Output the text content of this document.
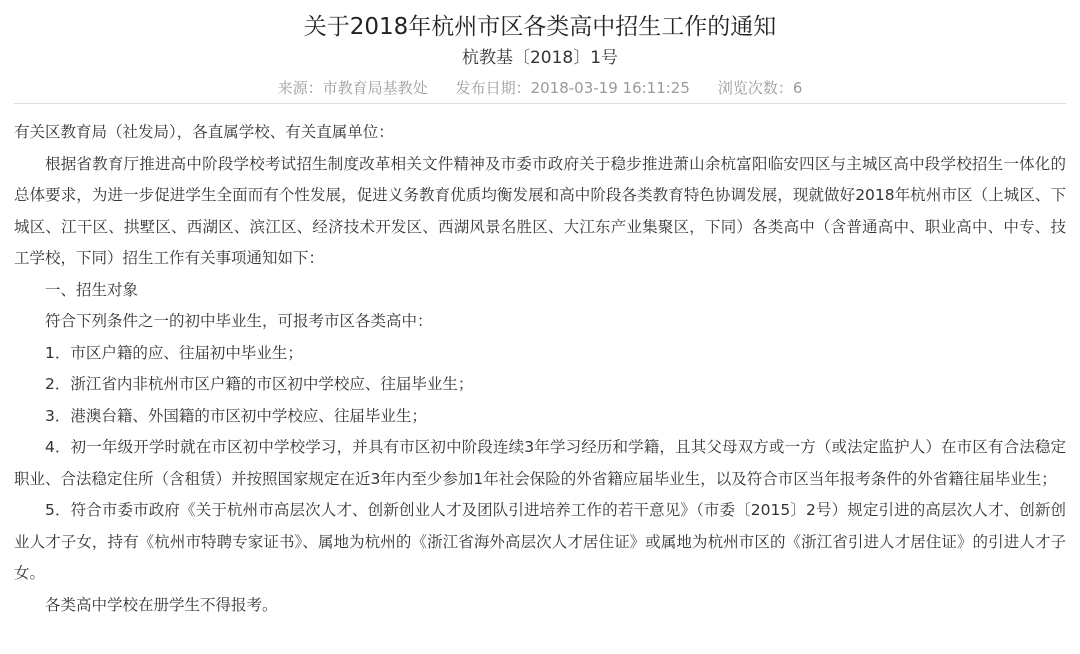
关于2018年杭州市区各类高中招生工作的通知
杭教基〔2018〕1号
来源：市教育局基教处 发布日期：2018-03-19 16:11:25 浏览次数：6

有关区教育局（社发局），各直属学校、有关直属单位：

根据省教育厅推进高中阶段学校考试招生制度改革相关文件精神及市委市政府关于稳步推进萧山余杭富阳临安四区与主城区高中段学校招生一体化的总体要求，为进一步促进学生全面而有个性发展，促进义务教育优质均衡发展和高中阶段各类教育特色协调发展，现就做好2018年杭州市区（上城区、下城区、江干区、拱墅区、西湖区、滨江区、经济技术开发区、西湖风景名胜区、大江东产业集聚区，下同）各类高中（含普通高中、职业高中、中专、技工学校，下同）招生工作有关事项通知如下：

一、招生对象

符合下列条件之一的初中毕业生，可报考市区各类高中：

1．市区户籍的应、往届初中毕业生；

2．浙江省内非杭州市区户籍的市区初中学校应、往届毕业生；

3．港澳台籍、外国籍的市区初中学校应、往届毕业生；

4．初一年级开学时就在市区初中学校学习，并具有市区初中阶段连续3年学习经历和学籍，且其父母双方或一方（或法定监护人）在市区有合法稳定职业、合法稳定住所（含租赁）并按照国家规定在近3年内至少参加1年社会保险的外省籍应届毕业生，以及符合市区当年报考条件的外省籍往届毕业生；

5．符合市委市政府《关于杭州市高层次人才、创新创业人才及团队引进培养工作的若干意见》（市委〔2015〕2号）规定引进的高层次人才、创新创业人才子女，持有《杭州市特聘专家证书》、属地为杭州的《浙江省海外高层次人才居住证》或属地为杭州市区的《浙江省引进人才居住证》的引进人才子女。

各类高中学校在册学生不得报考。
